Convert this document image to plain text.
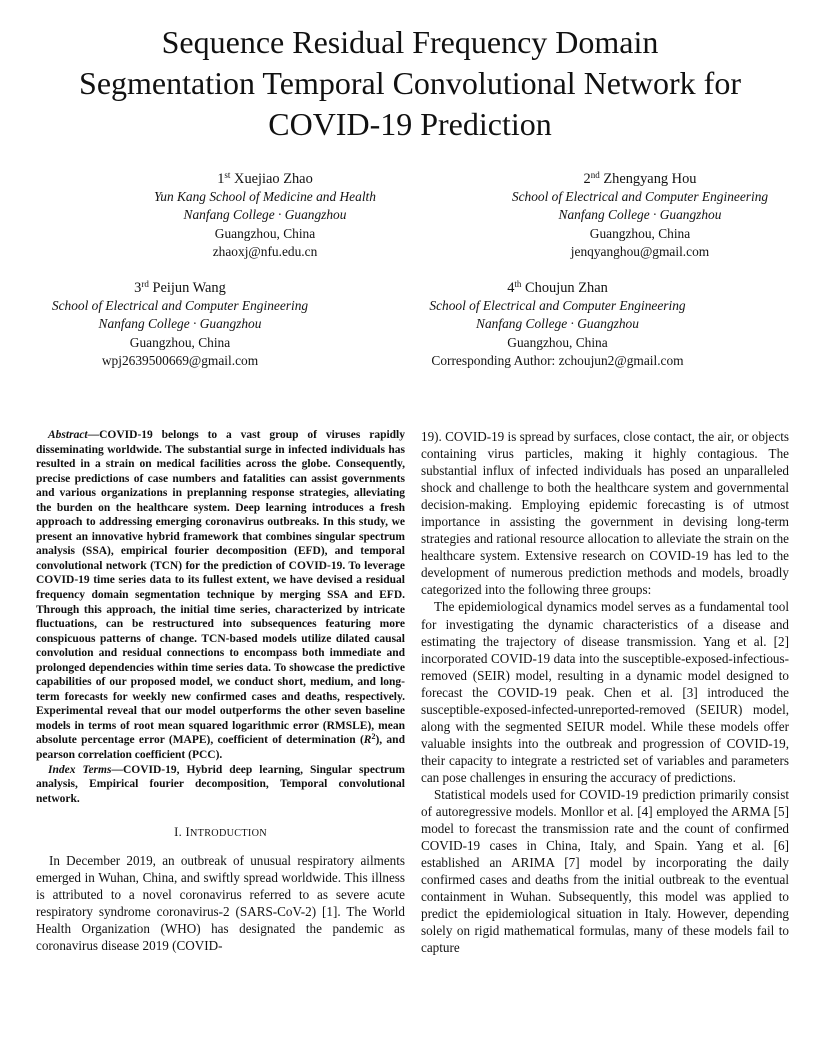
Sequence Residual Frequency Domain
Segmentation Temporal Convolutional Network for
COVID-19 Prediction
1st Xuejiao Zhao
Yun Kang School of Medicine and Health
Nanfang College · Guangzhou
Guangzhou, China
zhaoxj@nfu.edu.cn
2nd Zhengyang Hou
School of Electrical and Computer Engineering
Nanfang College · Guangzhou
Guangzhou, China
jenqyanghou@gmail.com
3rd Peijun Wang
School of Electrical and Computer Engineering
Nanfang College · Guangzhou
Guangzhou, China
wpj2639500669@gmail.com
4th Choujun Zhan
School of Electrical and Computer Engineering
Nanfang College · Guangzhou
Guangzhou, China
Corresponding Author: zchoujun2@gmail.com

Abstract—COVID-19 belongs to a vast group of viruses rapidly disseminating worldwide. The substantial surge in infected individuals has resulted in a strain on medical facilities across the globe. Consequently, precise predictions of case numbers and fatalities can assist governments and various organizations in preplanning response strategies, alleviating the burden on the healthcare system. Deep learning introduces a fresh approach to addressing emerging coronavirus outbreaks. In this study, we present an innovative hybrid framework that combines singular spectrum analysis (SSA), empirical fourier decomposition (EFD), and temporal convolutional network (TCN) for the prediction of COVID-19. To leverage COVID-19 time series data to its fullest extent, we have devised a residual frequency domain segmentation technique by merging SSA and EFD. Through this approach, the initial time series, characterized by intricate fluctuations, can be restructured into subsequences featuring more conspicuous patterns of change. TCN-based models utilize dilated causal convolution and residual connections to encompass both immediate and prolonged dependencies within time series data. To showcase the predictive capabilities of our proposed model, we conduct short, medium, and long-term forecasts for weekly new confirmed cases and deaths, respectively. Experimental reveal that our model outperforms the other seven baseline models in terms of root mean squared logarithmic error (RMSLE), mean absolute percentage error (MAPE), coefficient of determination $(R^2)$, and pearson correlation coefficient (PCC).

Index Terms—COVID-19, Hybrid deep learning, Singular spectrum analysis, Empirical fourier decomposition, Temporal convolutional network.

I. INTRODUCTION

In December 2019, an outbreak of unusual respiratory ailments emerged in Wuhan, China, and swiftly spread worldwide. This illness is attributed to a novel coronavirus referred to as severe acute respiratory syndrome coronavirus-2 (SARS-CoV-2) [1]. The World Health Organization (WHO) has designated the pandemic as coronavirus disease 2019 (COVID-

19). COVID-19 is spread by surfaces, close contact, the air, or objects containing virus particles, making it highly contagious. The substantial influx of infected individuals has posed an unparalleled shock and challenge to both the healthcare system and governmental decision-making. Employing epidemic forecasting is of utmost importance in assisting the government in devising long-term strategies and rational resource allocation to alleviate the strain on the healthcare system. Extensive research on COVID-19 has led to the development of numerous prediction methods and models, broadly categorized into the following three groups:

The epidemiological dynamics model serves as a fundamental tool for investigating the dynamic characteristics of a disease and estimating the trajectory of disease transmission. Yang et al. [2] incorporated COVID-19 data into the susceptible-exposed-infectious-removed (SEIR) model, resulting in a dynamic model designed to forecast the COVID-19 peak. Chen et al. [3] introduced the susceptible-exposed-infected-unreported-removed (SEIUR) model, along with the segmented SEIUR model. While these models offer valuable insights into the outbreak and progression of COVID-19, their capacity to integrate a restricted set of variables and parameters can pose challenges in ensuring the accuracy of predictions.

Statistical models used for COVID-19 prediction primarily consist of autoregressive models. Monllor et al. [4] employed the ARMA [5] model to forecast the transmission rate and the count of confirmed COVID-19 cases in China, Italy, and Spain. Yang et al. [6] established an ARIMA [7] model by incorporating the daily confirmed cases and deaths from the initial outbreak to the eventual containment in Wuhan. Subsequently, this model was applied to predict the epidemiological situation in Italy. However, depending solely on rigid mathematical formulas, many of these models fail to capture
